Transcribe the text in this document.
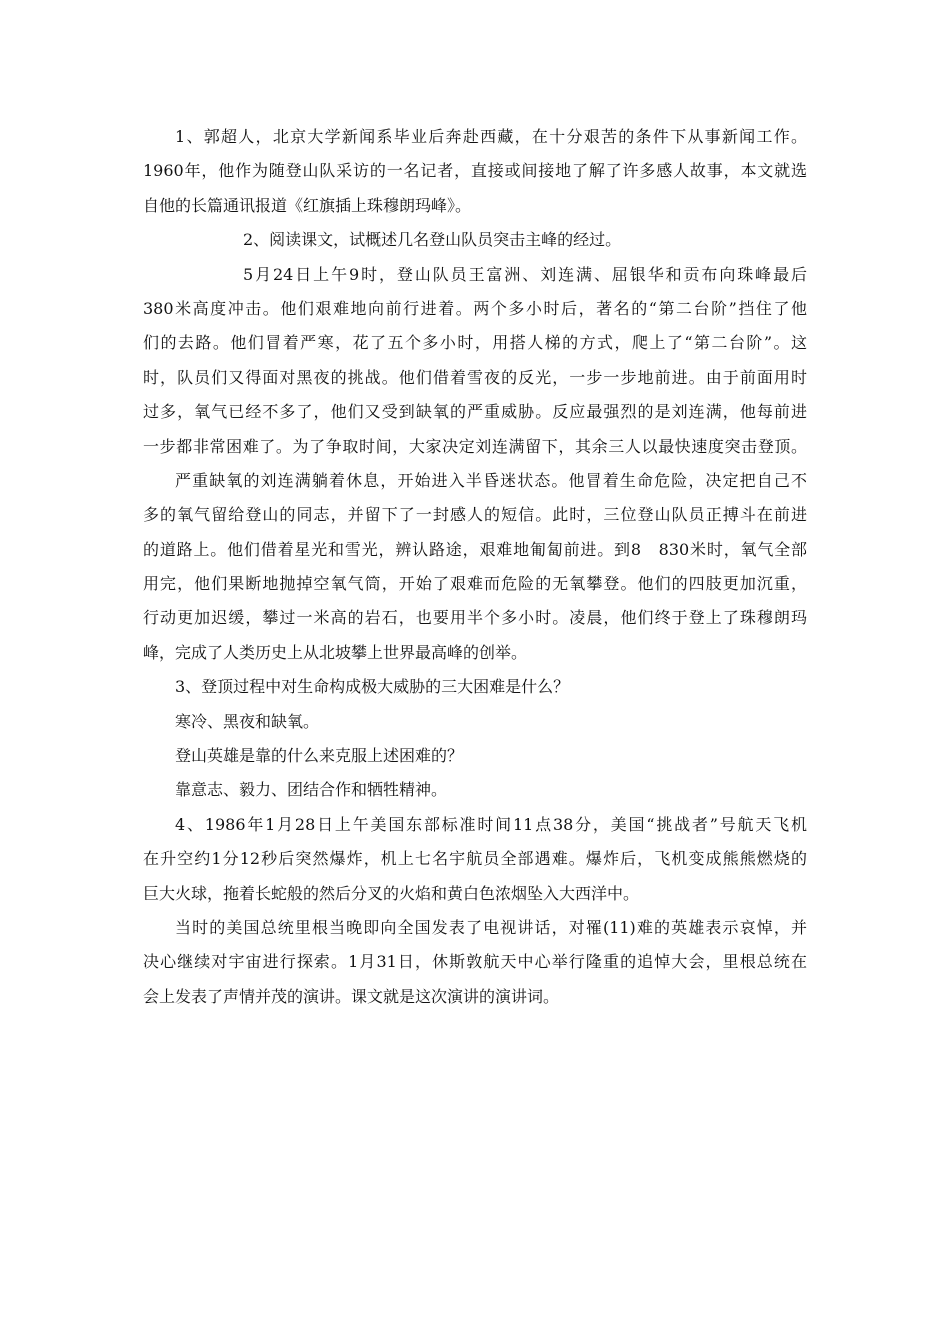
1、郭超人，北京大学新闻系毕业后奔赴西藏，在十分艰苦的条件下从事新闻工作。
1960年，他作为随登山队采访的一名记者，直接或间接地了解了许多感人故事，本文就选
自他的长篇通讯报道《红旗插上珠穆朗玛峰》。
2、阅读课文，试概述几名登山队员突击主峰的经过。
5月24日上午9时，登山队员王富洲、刘连满、屈银华和贡布向珠峰最后
380米高度冲击。他们艰难地向前行进着。两个多小时后，著名的“第二台阶”挡住了他
们的去路。他们冒着严寒，花了五个多小时，用搭人梯的方式，爬上了“第二台阶”。这
时，队员们又得面对黑夜的挑战。他们借着雪夜的反光，一步一步地前进。由于前面用时
过多，氧气已经不多了，他们又受到缺氧的严重威胁。反应最强烈的是刘连满，他每前进
一步都非常困难了。为了争取时间，大家决定刘连满留下，其余三人以最快速度突击登顶。
严重缺氧的刘连满躺着休息，开始进入半昏迷状态。他冒着生命危险，决定把自己不
多的氧气留给登山的同志，并留下了一封感人的短信。此时，三位登山队员正搏斗在前进
的道路上。他们借着星光和雪光，辨认路途，艰难地匍匐前进。到8　830米时，氧气全部
用完，他们果断地抛掉空氧气筒，开始了艰难而危险的无氧攀登。他们的四肢更加沉重，
行动更加迟缓，攀过一米高的岩石，也要用半个多小时。凌晨，他们终于登上了珠穆朗玛
峰，完成了人类历史上从北坡攀上世界最高峰的创举。
3、登顶过程中对生命构成极大威胁的三大困难是什么？
寒冷、黑夜和缺氧。
登山英雄是靠的什么来克服上述困难的？
靠意志、毅力、团结合作和牺牲精神。
4、1986年1月28日上午美国东部标准时间11点38分，美国“挑战者”号航天飞机
在升空约1分12秒后突然爆炸，机上七名宇航员全部遇难。爆炸后，飞机变成熊熊燃烧的
巨大火球，拖着长蛇般的然后分叉的火焰和黄白色浓烟坠入大西洋中。
当时的美国总统里根当晚即向全国发表了电视讲话，对罹(11)难的英雄表示哀悼，并
决心继续对宇宙进行探索。1月31日，休斯敦航天中心举行隆重的追悼大会，里根总统在
会上发表了声情并茂的演讲。课文就是这次演讲的演讲词。
